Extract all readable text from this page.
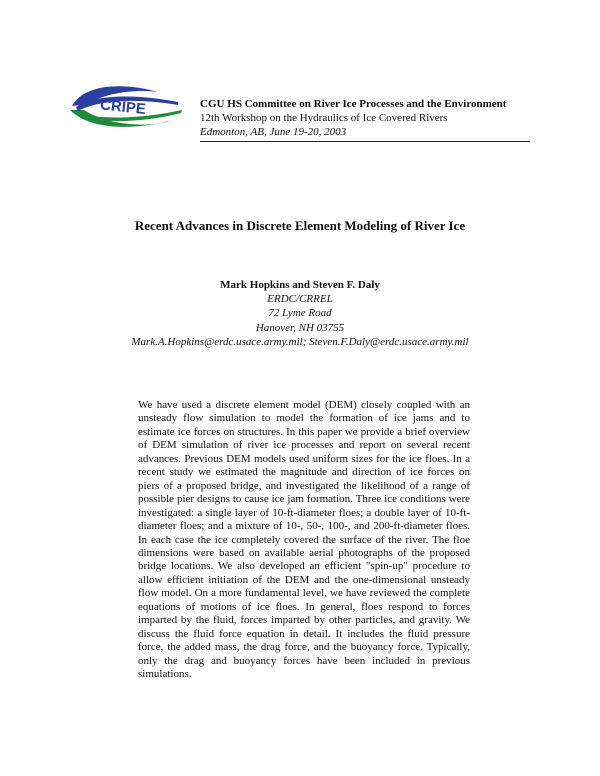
CRIPE	CGU HS Committee on River Ice Processes and the Environment
12th Workshop on the Hydraulics of Ice Covered Rivers
Edmonton, AB, June 19-20, 2003
Recent Advances in Discrete Element Modeling of River Ice
Mark Hopkins and Steven F. Daly
ERDC/CRREL
72 Lyme Road
Hanover, NH 03755
Mark.A.Hopkins@erdc.usace.army.mil; Steven.F.Daly@erdc.usace.army.mil
We have used a discrete element model (DEM) closely coupled with an unsteady flow simulation to model the formation of ice jams and to estimate ice forces on structures. In this paper we provide a brief overview of DEM simulation of river ice processes and report on several recent advances. Previous DEM models used uniform sizes for the ice floes. In a recent study we estimated the magnitude and direction of ice forces on piers of a proposed bridge, and investigated the likelihood of a range of possible pier designs to cause ice jam formation. Three ice conditions were investigated: a single layer of 10-ft-diameter floes; a double layer of 10-ft-diameter floes; and a mixture of 10-, 50-, 100-, and 200-ft-diameter floes. In each case the ice completely covered the surface of the river. The floe dimensions were based on available aerial photographs of the proposed bridge locations. We also developed an efficient "spin-up" procedure to allow efficient initiation of the DEM and the one-dimensional unsteady flow model. On a more fundamental level, we have reviewed the complete equations of motions of ice floes. In general, floes respond to forces imparted by the fluid, forces imparted by other particles, and gravity. We discuss the fluid force equation in detail. It includes the fluid pressure force, the added mass, the drag force, and the buoyancy force. Typically, only the drag and buoyancy forces have been included in previous simulations.
